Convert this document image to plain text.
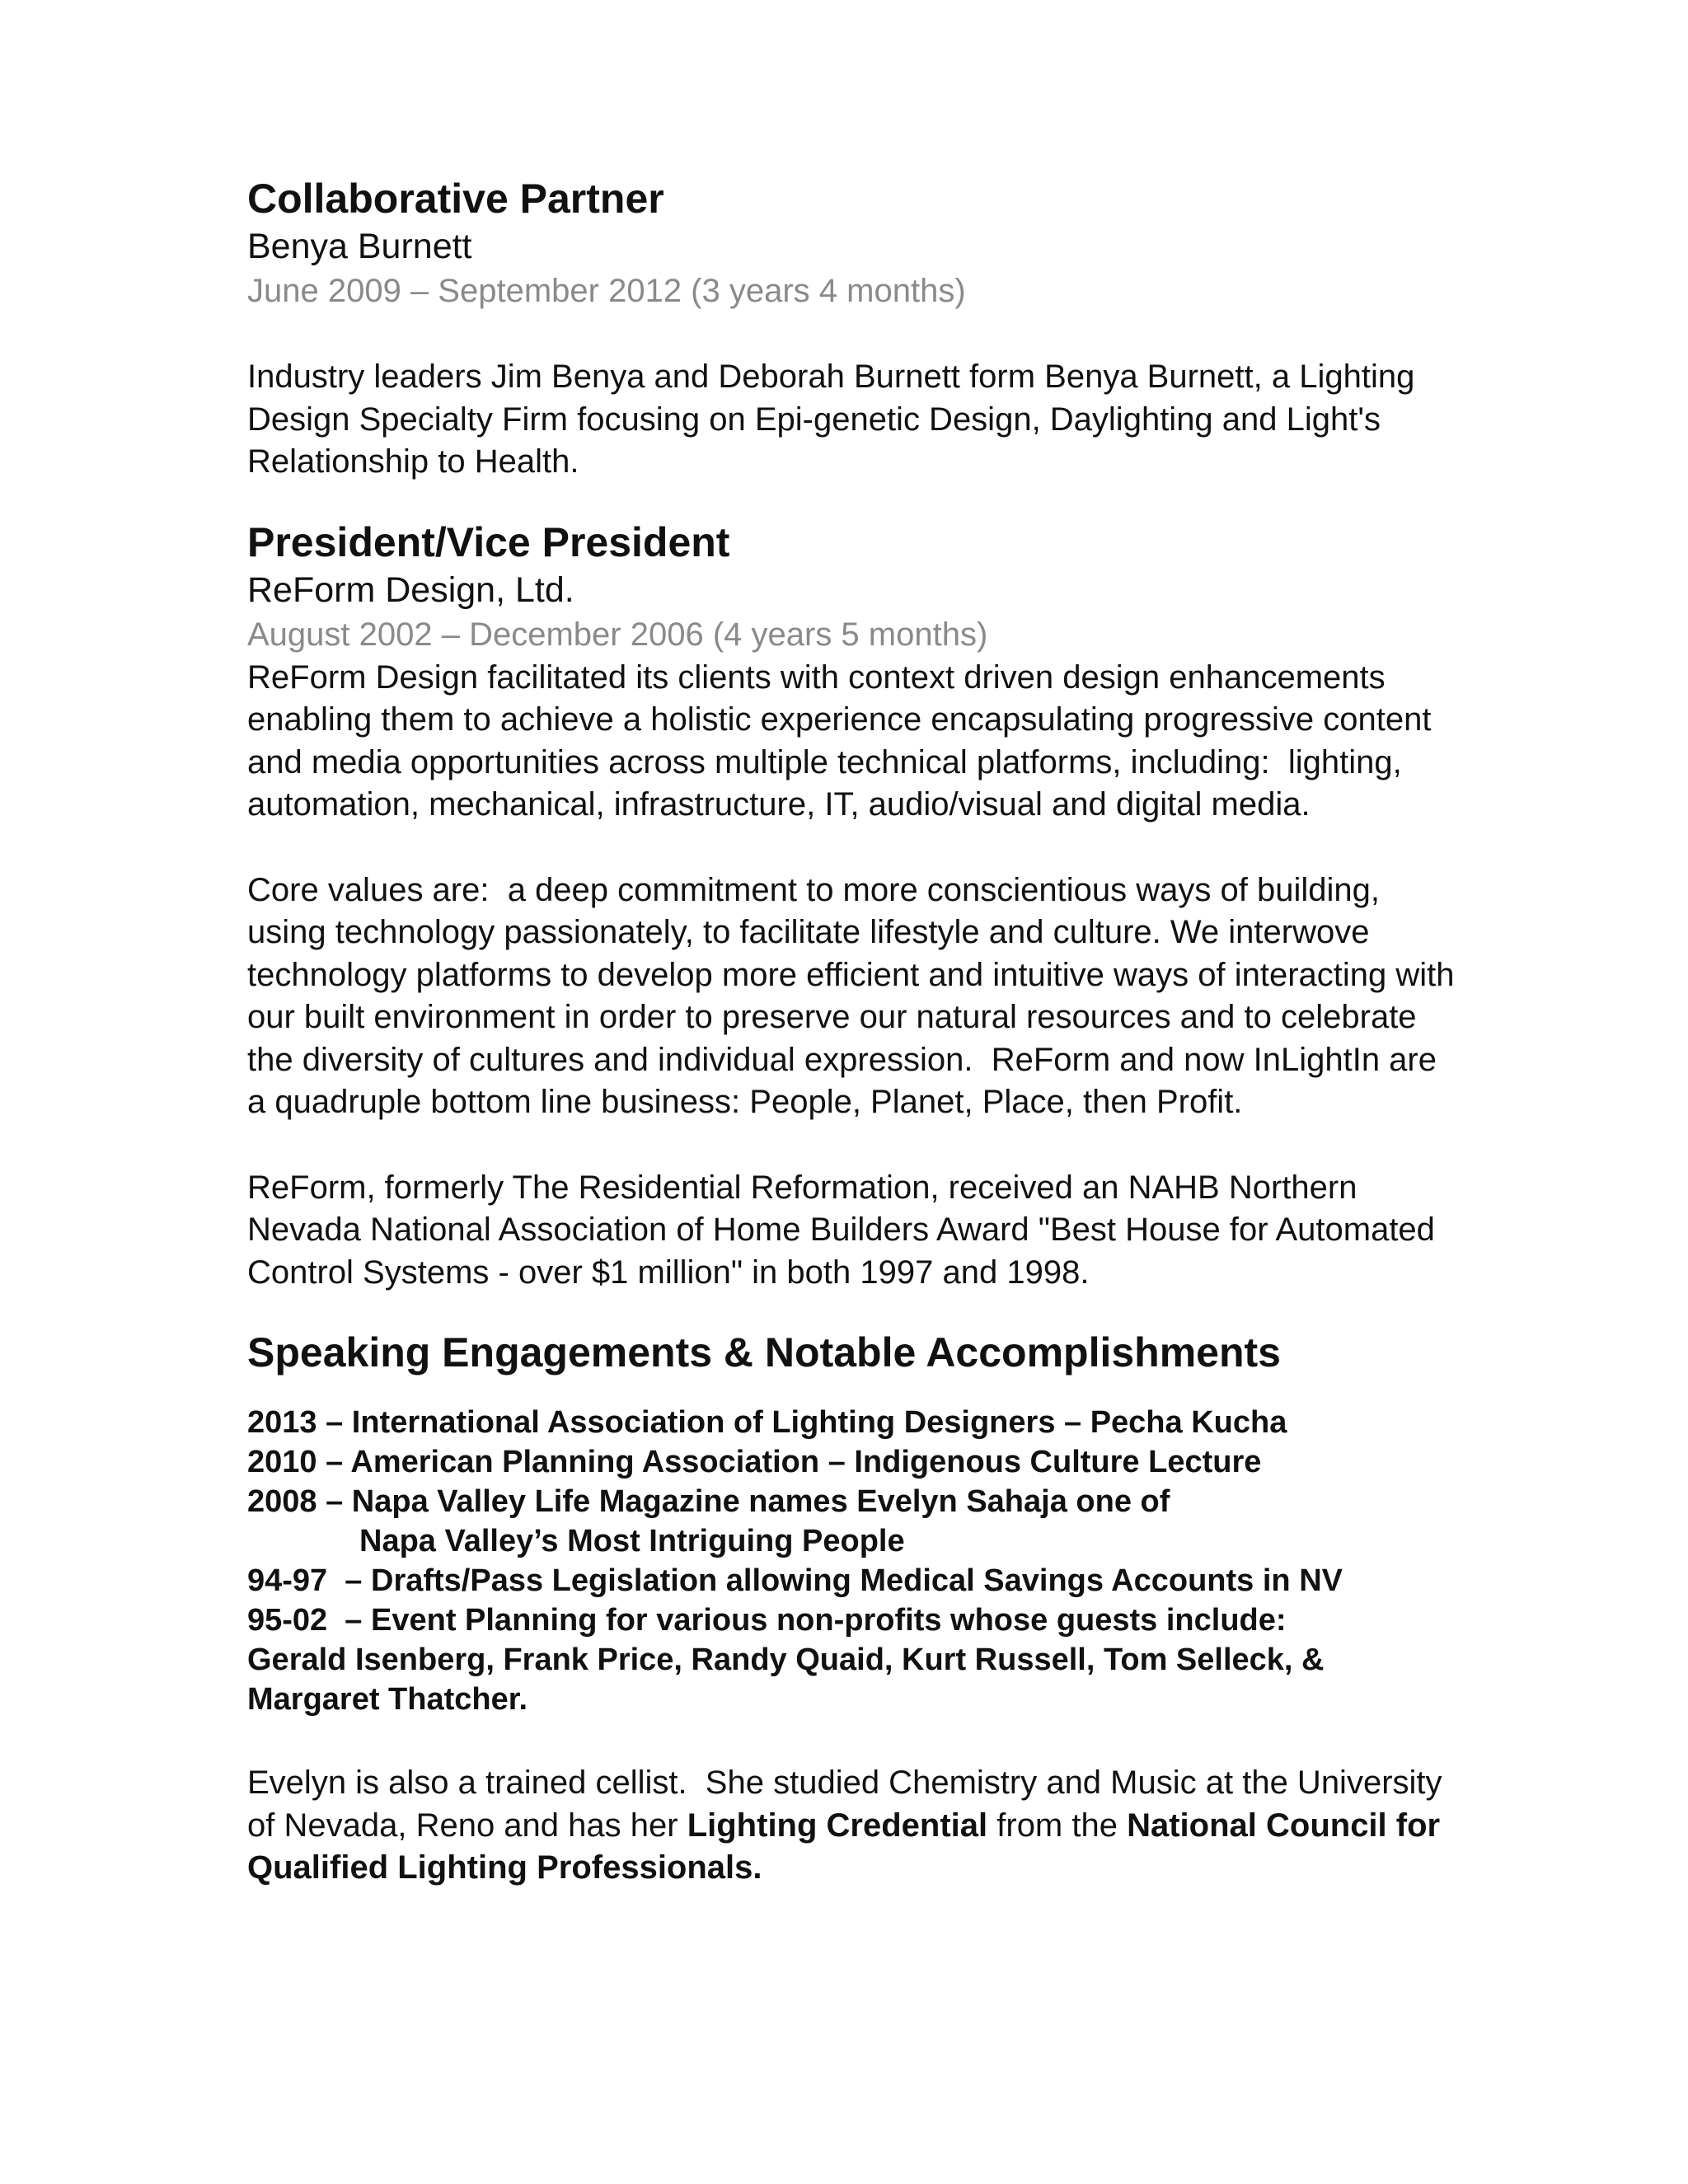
Collaborative Partner
Benya Burnett
June 2009 – September 2012 (3 years 4 months)

Industry leaders Jim Benya and Deborah Burnett form Benya Burnett, a Lighting Design Specialty Firm focusing on Epi-genetic Design, Daylighting and Light's Relationship to Health.

President/Vice President
ReForm Design, Ltd.
August 2002 – December 2006 (4 years 5 months)

ReForm Design facilitated its clients with context driven design enhancements enabling them to achieve a holistic experience encapsulating progressive content and media opportunities across multiple technical platforms, including:  lighting, automation, mechanical, infrastructure, IT, audio/visual and digital media.

Core values are:  a deep commitment to more conscientious ways of building, using technology passionately, to facilitate lifestyle and culture. We interwove technology platforms to develop more efficient and intuitive ways of interacting with our built environment in order to preserve our natural resources and to celebrate the diversity of cultures and individual expression.  ReForm and now InLightIn are a quadruple bottom line business: People, Planet, Place, then Profit.

ReForm, formerly The Residential Reformation, received an NAHB Northern Nevada National Association of Home Builders Award "Best House for Automated Control Systems - over $1 million" in both 1997 and 1998.

Speaking Engagements & Notable Accomplishments
2013 – International Association of Lighting Designers – Pecha Kucha
2010 – American Planning Association – Indigenous Culture Lecture
2008 – Napa Valley Life Magazine names Evelyn Sahaja one of
Napa Valley’s Most Intriguing People
94-97  – Drafts/Pass Legislation allowing Medical Savings Accounts in NV
95-02  – Event Planning for various non-profits whose guests include:
Gerald Isenberg, Frank Price, Randy Quaid, Kurt Russell, Tom Selleck, &
Margaret Thatcher.

Evelyn is also a trained cellist.  She studied Chemistry and Music at the University of Nevada, Reno and has her Lighting Credential from the National Council for Qualified Lighting Professionals.
